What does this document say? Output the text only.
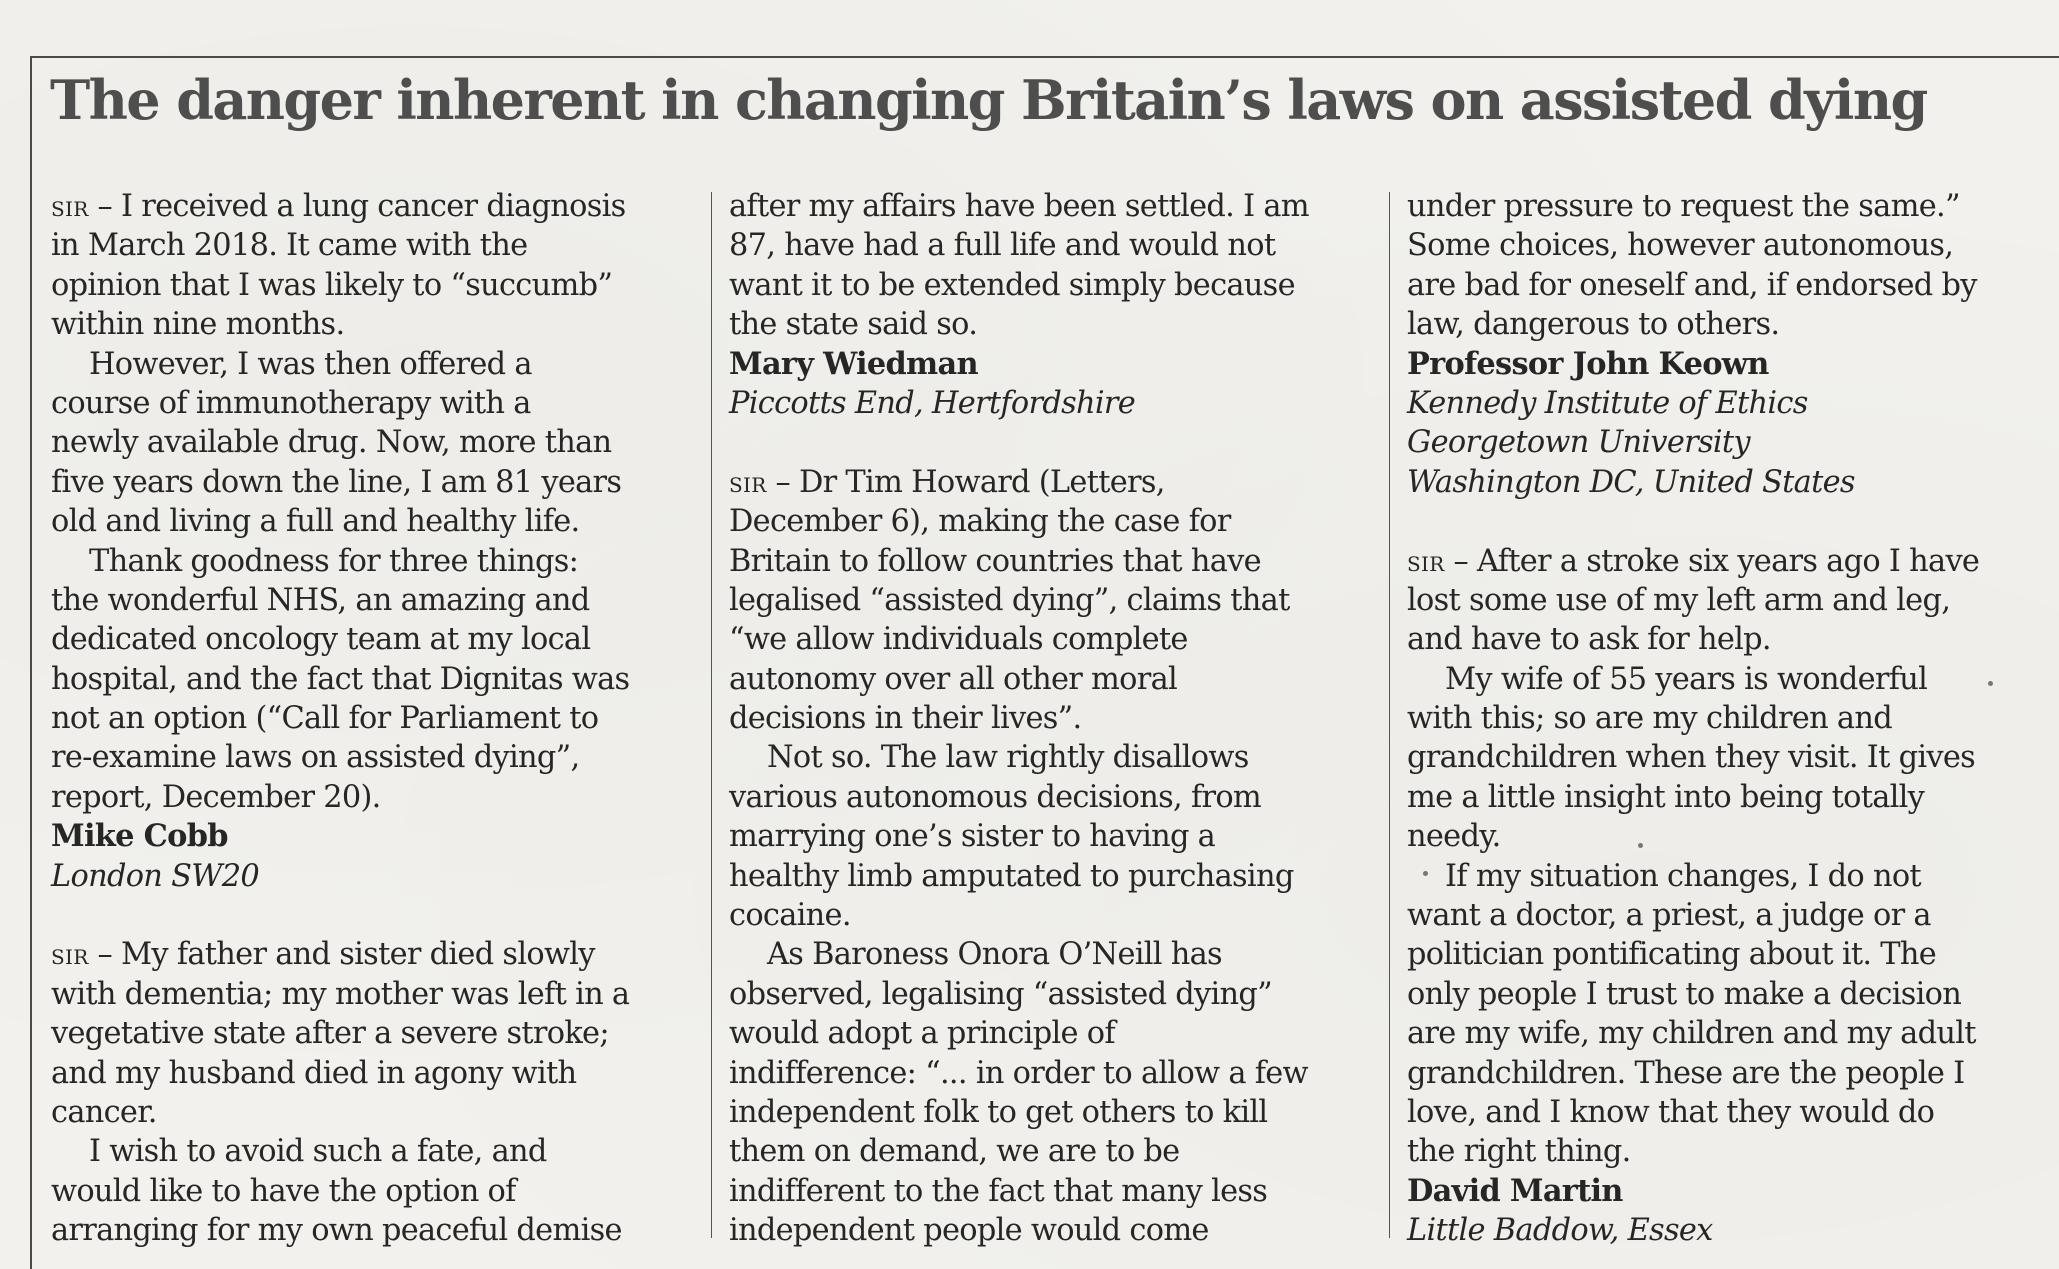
The danger inherent in changing Britain’s laws on assisted dying
sir – I received a lung cancer diagnosis
in March 2018. It came with the
opinion that I was likely to “succumb”
within nine months.
However, I was then offered a
course of immunotherapy with a
newly available drug. Now, more than
five years down the line, I am 81 years
old and living a full and healthy life.
Thank goodness for three things:
the wonderful NHS, an amazing and
dedicated oncology team at my local
hospital, and the fact that Dignitas was
not an option (“Call for Parliament to
re-examine laws on assisted dying”,
report, December 20).
Mike Cobb
London SW20
sir – My father and sister died slowly
with dementia; my mother was left in a
vegetative state after a severe stroke;
and my husband died in agony with
cancer.
I wish to avoid such a fate, and
would like to have the option of
arranging for my own peaceful demise
after my affairs have been settled. I am
87, have had a full life and would not
want it to be extended simply because
the state said so.
Mary Wiedman
Piccotts End, Hertfordshire
sir – Dr Tim Howard (Letters,
December 6), making the case for
Britain to follow countries that have
legalised “assisted dying”, claims that
“we allow individuals complete
autonomy over all other moral
decisions in their lives”.
Not so. The law rightly disallows
various autonomous decisions, from
marrying one’s sister to having a
healthy limb amputated to purchasing
cocaine.
As Baroness Onora O’Neill has
observed, legalising “assisted dying”
would adopt a principle of
indifference: “... in order to allow a few
independent folk to get others to kill
them on demand, we are to be
indifferent to the fact that many less
independent people would come
under pressure to request the same.”
Some choices, however autonomous,
are bad for oneself and, if endorsed by
law, dangerous to others.
Professor John Keown
Kennedy Institute of Ethics
Georgetown University
Washington DC, United States
sir – After a stroke six years ago I have
lost some use of my left arm and leg,
and have to ask for help.
My wife of 55 years is wonderful
with this; so are my children and
grandchildren when they visit. It gives
me a little insight into being totally
needy.
If my situation changes, I do not
want a doctor, a priest, a judge or a
politician pontificating about it. The
only people I trust to make a decision
are my wife, my children and my adult
grandchildren. These are the people I
love, and I know that they would do
the right thing.
David Martin
Little Baddow, Essex
